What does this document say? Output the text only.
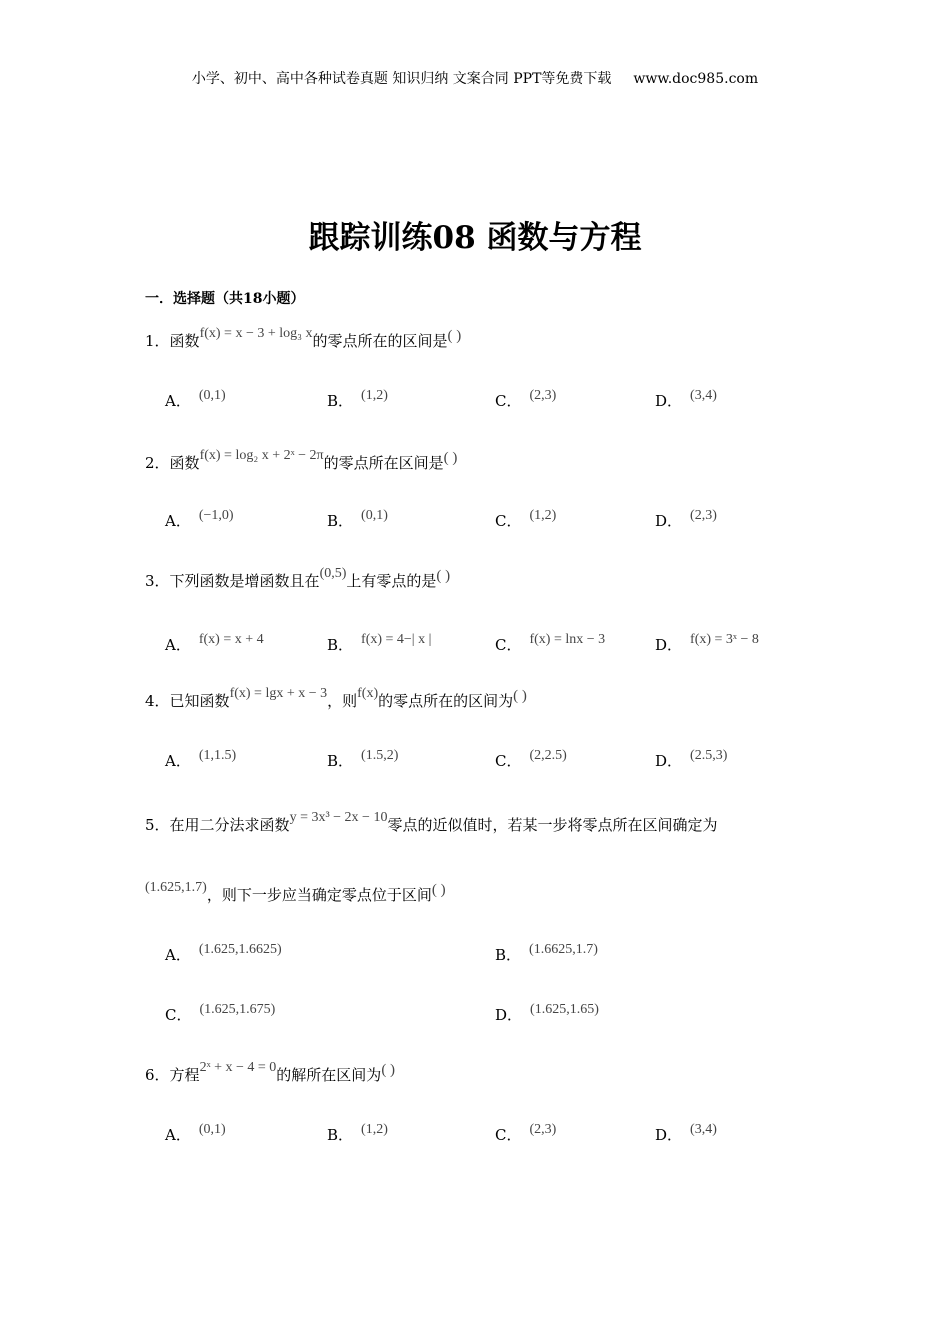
小学、初中、高中各种试卷真题 知识归纳 文案合同 PPT等免费下载 www.doc985.com
跟踪训练08 函数与方程
一．选择题（共18小题）
1．函数f(x) = x − 3 + log₃ x的零点所在的区间是( )
A． (0,1)	B． (1,2)	C． (2,3)	D． (3,4)
2．函数f(x) = log₂ x + 2ˣ − 2π的零点所在区间是( )
A． (−1,0)	B． (0,1)	C． (1,2)	D． (2,3)
3．下列函数是增函数且在(0,5)上有零点的是( )
A． f(x) = x + 4	B． f(x) = 4−| x |	C． f(x) = lnx − 3	D． f(x) = 3ˣ − 8
4．已知函数f(x) = lgx + x − 3，则f(x)的零点所在的区间为( )
A． (1,1.5)	B． (1.5,2)	C． (2,2.5)	D． (2.5,3)
5．在用二分法求函数y = 3x³ − 2x − 10零点的近似值时，若某一步将零点所在区间确定为
(1.625,1.7)，则下一步应当确定零点位于区间( )
A． (1.625,1.6625)	B． (1.6625,1.7)
C． (1.625,1.675)	D． (1.625,1.65)
6．方程2ˣ + x − 4 = 0的解所在区间为( )
A． (0,1)	B． (1,2)	C． (2,3)	D． (3,4)
